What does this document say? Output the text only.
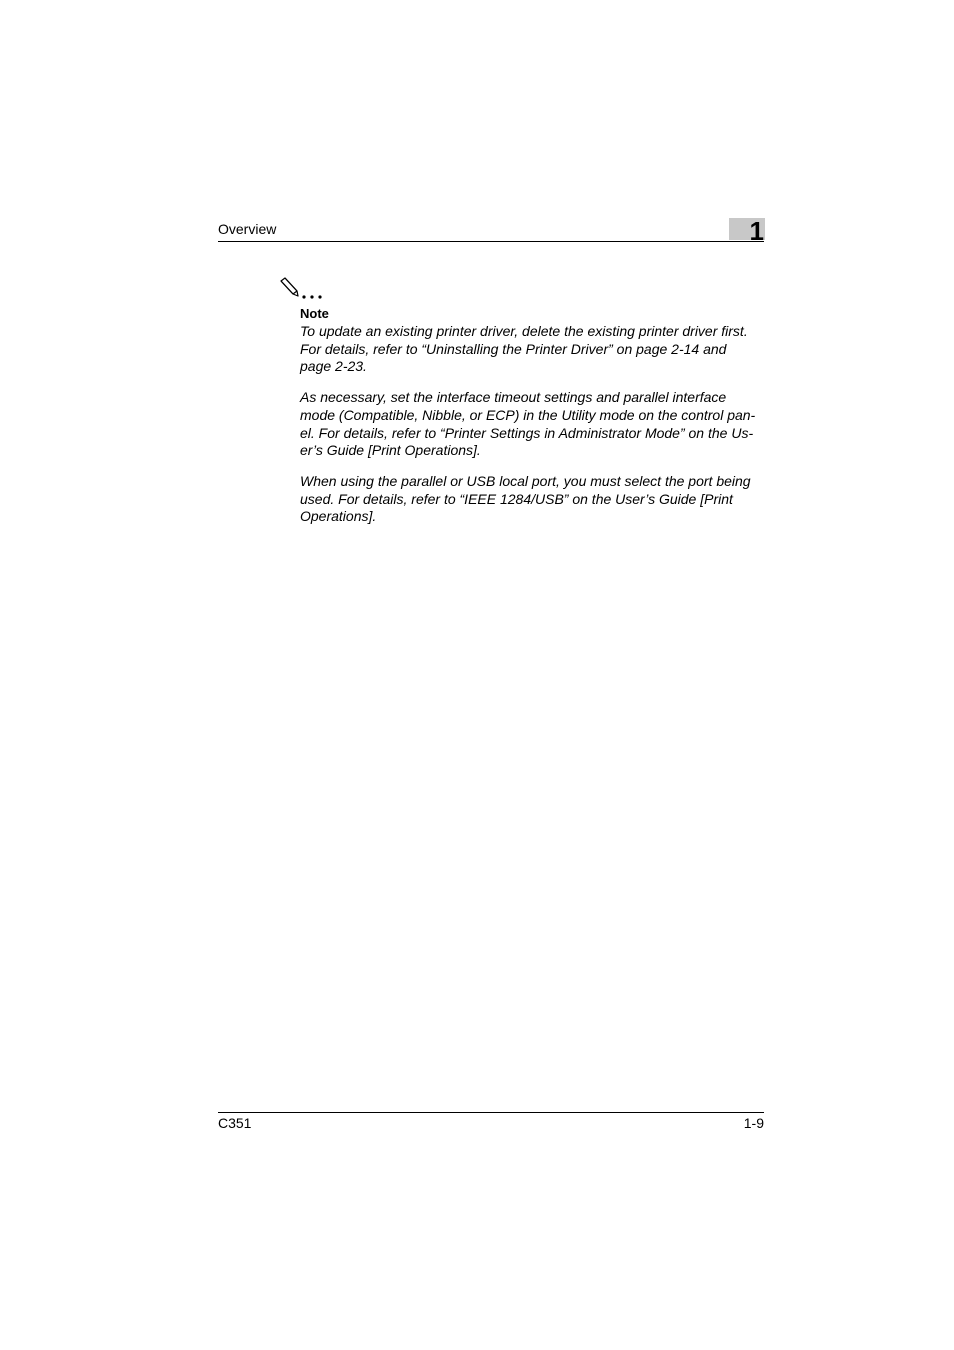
Overview	1
Note

To update an existing printer driver, delete the existing printer driver first.
For details, refer to “Uninstalling the Printer Driver” on page 2-14 and
page 2-23.

As necessary, set the interface timeout settings and parallel interface
mode (Compatible, Nibble, or ECP) in the Utility mode on the control pan-
el. For details, refer to “Printer Settings in Administrator Mode” on the Us-
er’s Guide [Print Operations].

When using the parallel or USB local port, you must select the port being
used. For details, refer to “IEEE 1284/USB” on the User’s Guide [Print
Operations].

C351	1-9
